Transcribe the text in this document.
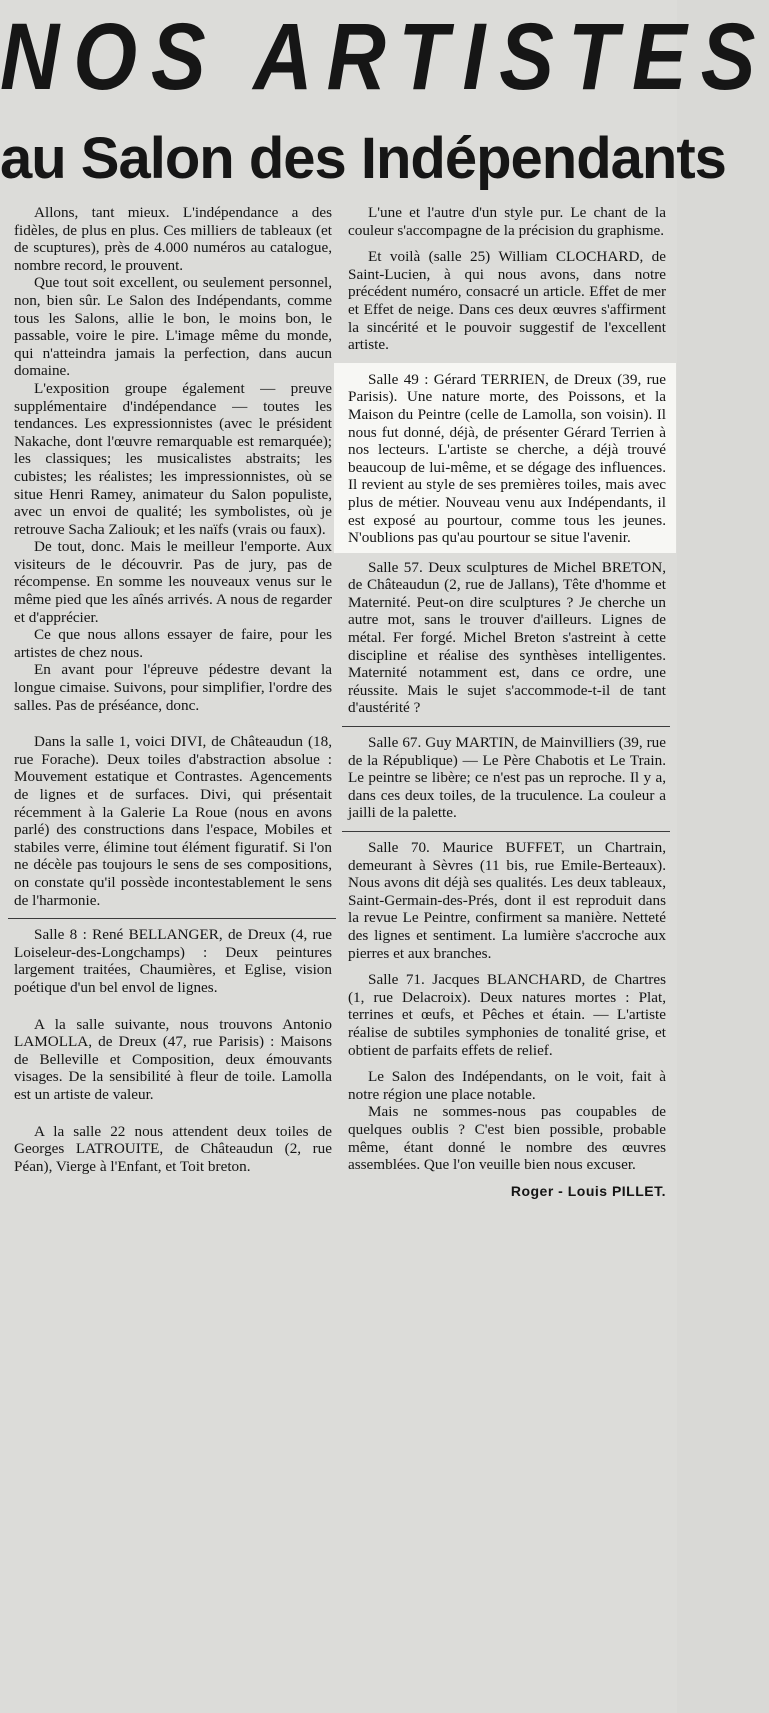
NOS ARTISTES
au Salon des Indépendants

Allons, tant mieux. L'indépendance a des fidèles, de plus en plus. Ces milliers de tableaux (et de scuptures), près de 4.000 numéros au catalogue, nombre record, le prouvent.

Que tout soit excellent, ou seulement personnel, non, bien sûr. Le Salon des Indépendants, comme tous les Salons, allie le bon, le moins bon, le passable, voire le pire. L'image même du monde, qui n'atteindra jamais la perfection, dans aucun domaine.

L'exposition groupe également — preuve supplémentaire d'indépendance — toutes les tendances. Les expressionnistes (avec le président Nakache, dont l'œuvre remarquable est remarquée); les classiques; les musicalistes abstraits; les cubistes; les réalistes; les impressionnistes, où se situe Henri Ramey, animateur du Salon populiste, avec un envoi de qualité; les symbolistes, où je retrouve Sacha Zaliouk; et les naïfs (vrais ou faux).

De tout, donc. Mais le meilleur l'emporte. Aux visiteurs de le découvrir. Pas de jury, pas de récompense. En somme les nouveaux venus sur le même pied que les aînés arrivés. A nous de regarder et d'apprécier.

Ce que nous allons essayer de faire, pour les artistes de chez nous.

En avant pour l'épreuve pédestre devant la longue cimaise. Suivons, pour simplifier, l'ordre des salles. Pas de préséance, donc.

Dans la salle 1, voici DIVI, de Châteaudun (18, rue Forache). Deux toiles d'abstraction absolue : Mouvement estatique et Contrastes. Agencements de lignes et de surfaces. Divi, qui présentait récemment à la Galerie La Roue (nous en avons parlé) des constructions dans l'espace, Mobiles et stabiles verre, élimine tout élément figuratif. Si l'on ne décèle pas toujours le sens de ses compositions, on constate qu'il possède incontestablement le sens de l'harmonie.

Salle 8 : René BELLANGER, de Dreux (4, rue Loiseleur-des-Longchamps) : Deux peintures largement traitées, Chaumières, et Eglise, vision poétique d'un bel envol de lignes.

A la salle suivante, nous trouvons Antonio LAMOLLA, de Dreux (47, rue Parisis) : Maisons de Belleville et Composition, deux émouvants visages. De la sensibilité à fleur de toile. Lamolla est un artiste de valeur.

A la salle 22 nous attendent deux toiles de Georges LATROUITE, de Châteaudun (2, rue Péan), Vierge à l'Enfant, et Toit breton.

L'une et l'autre d'un style pur. Le chant de la couleur s'accompagne de la précision du graphisme.

Et voilà (salle 25) William CLOCHARD, de Saint-Lucien, à qui nous avons, dans notre précédent numéro, consacré un article. Effet de mer et Effet de neige. Dans ces deux œuvres s'affirment la sincérité et le pouvoir suggestif de l'excellent artiste.

Salle 49 : Gérard TERRIEN, de Dreux (39, rue Parisis). Une nature morte, des Poissons, et la Maison du Peintre (celle de Lamolla, son voisin). Il nous fut donné, déjà, de présenter Gérard Terrien à nos lecteurs. L'artiste se cherche, a déjà trouvé beaucoup de lui-même, et se dégage des influences. Il revient au style de ses premières toiles, mais avec plus de métier. Nouveau venu aux Indépendants, il est exposé au pourtour, comme tous les jeunes. N'oublions pas qu'au pourtour se situe l'avenir.

Salle 57. Deux sculptures de Michel BRETON, de Châteaudun (2, rue de Jallans), Tête d'homme et Maternité. Peut-on dire sculptures ? Je cherche un autre mot, sans le trouver d'ailleurs. Lignes de métal. Fer forgé. Michel Breton s'astreint à cette discipline et réalise des synthèses intelligentes. Maternité notamment est, dans ce ordre, une réussite. Mais le sujet s'accommode-t-il de tant d'austérité ?

Salle 67. Guy MARTIN, de Mainvilliers (39, rue de la République) — Le Père Chabotis et Le Train. Le peintre se libère; ce n'est pas un reproche. Il y a, dans ces deux toiles, de la truculence. La couleur a jailli de la palette.

Salle 70. Maurice BUFFET, un Chartrain, demeurant à Sèvres (11 bis, rue Emile-Berteaux). Nous avons dit déjà ses qualités. Les deux tableaux, Saint-Germain-des-Prés, dont il est reproduit dans la revue Le Peintre, confirment sa manière. Netteté des lignes et sentiment. La lumière s'accroche aux pierres et aux branches.

Salle 71. Jacques BLANCHARD, de Chartres (1, rue Delacroix). Deux natures mortes : Plat, terrines et œufs, et Pêches et étain. — L'artiste réalise de subtiles symphonies de tonalité grise, et obtient de parfaits effets de relief.

Le Salon des Indépendants, on le voit, fait à notre région une place notable.

Mais ne sommes-nous pas coupables de quelques oublis ? C'est bien possible, probable même, étant donné le nombre des œuvres assemblées. Que l'on veuille bien nous excuser.

Roger - Louis PILLET.
